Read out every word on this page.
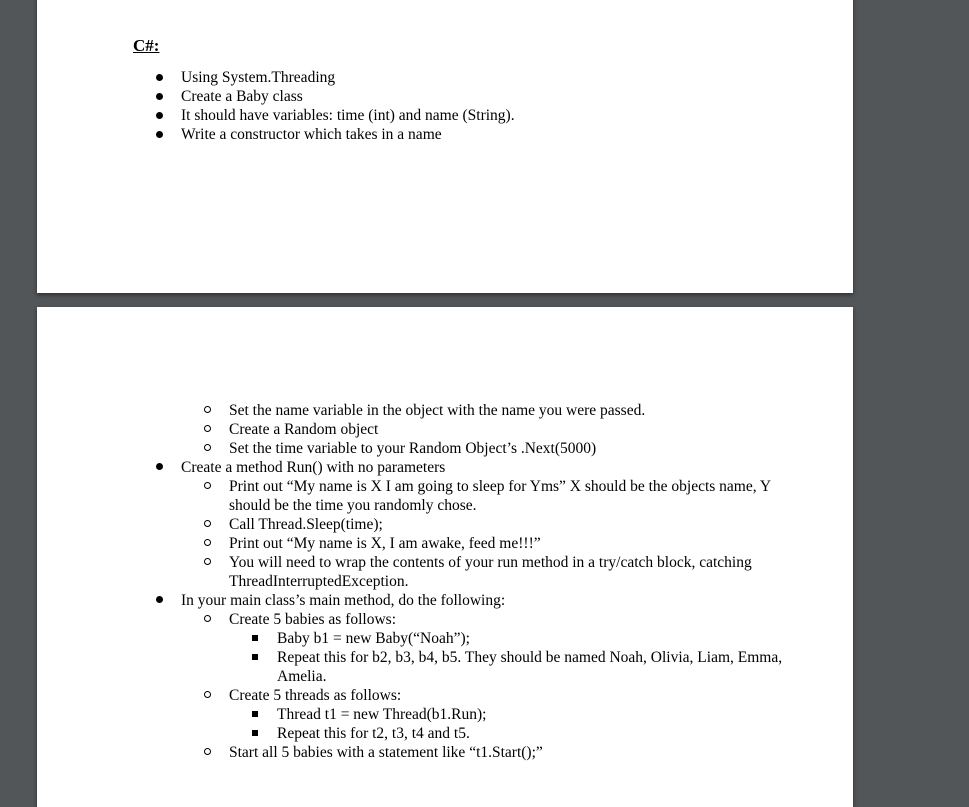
C#:
Using System.Threading
Create a Baby class
It should have variables: time (int) and name (String).
Write a constructor which takes in a name
Set the name variable in the object with the name you were passed.
Create a Random object
Set the time variable to your Random Object’s .Next(5000)
Create a method Run() with no parameters
Print out “My name is X I am going to sleep for Yms” X should be the objects name, Y
should be the time you randomly chose.
Call Thread.Sleep(time);
Print out “My name is X, I am awake, feed me!!!”
You will need to wrap the contents of your run method in a try/catch block, catching
ThreadInterruptedException.
In your main class’s main method, do the following:
Create 5 babies as follows:
Baby b1 = new Baby(“Noah”);
Repeat this for b2, b3, b4, b5. They should be named Noah, Olivia, Liam, Emma,
Amelia.
Create 5 threads as follows:
Thread t1 = new Thread(b1.Run);
Repeat this for t2, t3, t4 and t5.
Start all 5 babies with a statement like “t1.Start();”
